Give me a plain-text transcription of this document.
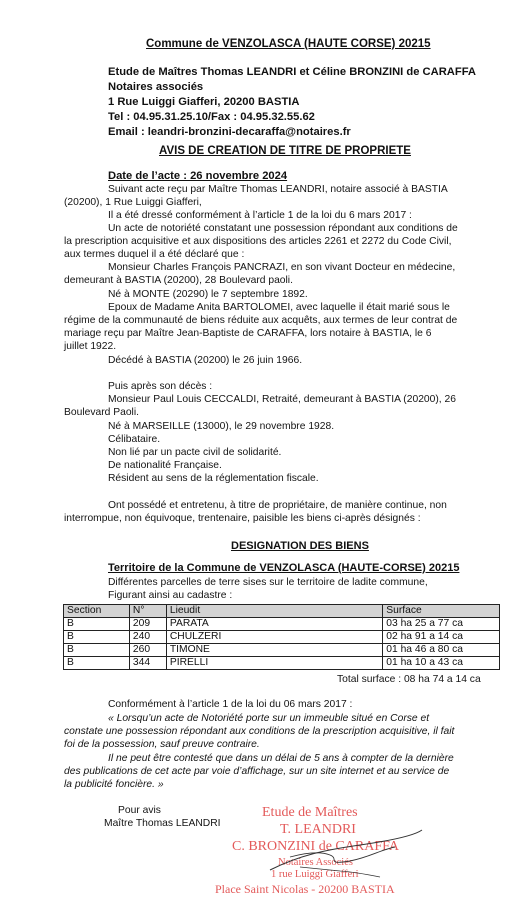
Commune de VENZOLASCA (HAUTE CORSE) 20215
Etude de Maîtres Thomas LEANDRI et Céline BRONZINI de CARAFFA
Notaires associés
1 Rue Luiggi Giafferi, 20200 BASTIA
Tel : 04.95.31.25.10/Fax : 04.95.32.55.62
Email : leandri-bronzini-decaraffa@notaires.fr
AVIS DE CREATION DE TITRE DE PROPRIETE
Date de l’acte : 26 novembre 2024
Suivant acte reçu par Maître Thomas LEANDRI, notaire associé à BASTIA
(20200), 1 Rue Luiggi Giafferi,
Il a été dressé conformément à l’article 1 de la loi du 6 mars 2017 :
Un acte de notoriété constatant une possession répondant aux conditions de
la prescription acquisitive et aux dispositions des articles 2261 et 2272 du Code Civil,
aux termes duquel il a été déclaré que :
Monsieur Charles François PANCRAZI, en son vivant Docteur en médecine,
demeurant à BASTIA (20200), 28 Boulevard paoli.
Né à MONTE (20290) le 7 septembre 1892.
Epoux de Madame Anita BARTOLOMEI, avec laquelle il était marié sous le
régime de la communauté de biens réduite aux acquêts, aux termes de leur contrat de
mariage reçu par Maître Jean-Baptiste de CARAFFA, lors notaire à BASTIA, le 6
juillet 1922.
Décédé à BASTIA (20200) le 26 juin 1966.
Puis après son décès :
Monsieur Paul Louis CECCALDI, Retraité, demeurant à BASTIA (20200), 26
Boulevard Paoli.
Né à MARSEILLE (13000), le 29 novembre 1928.
Célibataire.
Non lié par un pacte civil de solidarité.
De nationalité Française.
Résident au sens de la réglementation fiscale.
Ont possédé et entretenu, à titre de propriétaire, de manière continue, non
interrompue, non équivoque, trentenaire, paisible les biens ci-après désignés :
DESIGNATION DES BIENS
Territoire de la Commune de VENZOLASCA (HAUTE-CORSE) 20215
Différentes parcelles de terre sises sur le territoire de ladite commune,
Figurant ainsi au cadastre :
Section	N°	Lieudit	Surface
B	209	PARATA	03 ha 25 a 77 ca
B	240	CHULZERI	02 ha 91 a 14 ca
B	260	TIMONE	01 ha 46 a 80 ca
B	344	PIRELLI	01 ha 10 a 43 ca
Total surface : 08 ha 74 a 14 ca
Conformément à l’article 1 de la loi du 06 mars 2017 :
« Lorsqu’un acte de Notoriété porte sur un immeuble situé en Corse et
constate une possession répondant aux conditions de la prescription acquisitive, il fait
foi de la possession, sauf preuve contraire.
Il ne peut être contesté que dans un délai de 5 ans à compter de la dernière
des publications de cet acte par voie d’affichage, sur un site internet et au service de
la publicité foncière. »
Pour avis
Maître Thomas LEANDRI
Etude de Maîtres
T. LEANDRI
C. BRONZINI de CARAFFA
Notaires Associés
1 rue Luiggi Giafferi
Place Saint Nicolas - 20200 BASTIA
